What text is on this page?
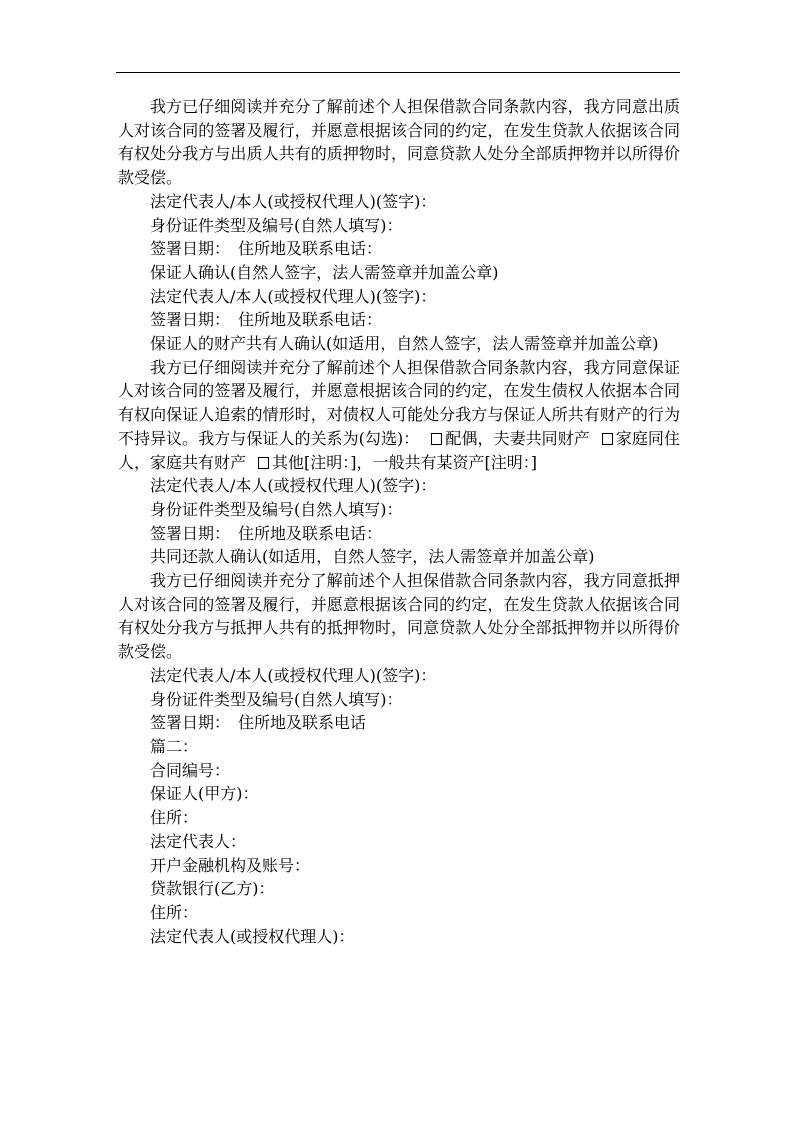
我方已仔细阅读并充分了解前述个人担保借款合同条款内容，我方同意出质人对该合同的签署及履行，并愿意根据该合同的约定，在发生贷款人依据该合同有权处分我方与出质人共有的质押物时，同意贷款人处分全部质押物并以所得价款受偿。

法定代表人/本人(或授权代理人)(签字)：

身份证件类型及编号(自然人填写)：

签署日期：　住所地及联系电话：

保证人确认(自然人签字，法人需签章并加盖公章)

法定代表人/本人(或授权代理人)(签字)：

签署日期：　住所地及联系电话：

保证人的财产共有人确认(如适用，自然人签字，法人需签章并加盖公章)

我方已仔细阅读并充分了解前述个人担保借款合同条款内容，我方同意保证人对该合同的签署及履行，并愿意根据该合同的约定，在发生债权人依据本合同有权向保证人追索的情形时，对债权人可能处分我方与保证人所共有财产的行为不持异议。我方与保证人的关系为(勾选)： 配偶，夫妻共同财产 家庭同住人，家庭共有财产 其他[注明：]，一般共有某资产[注明：]

法定代表人/本人(或授权代理人)(签字)：

身份证件类型及编号(自然人填写)：

签署日期：　住所地及联系电话：

共同还款人确认(如适用，自然人签字，法人需签章并加盖公章)

我方已仔细阅读并充分了解前述个人担保借款合同条款内容，我方同意抵押人对该合同的签署及履行，并愿意根据该合同的约定，在发生贷款人依据该合同有权处分我方与抵押人共有的抵押物时，同意贷款人处分全部抵押物并以所得价款受偿。

法定代表人/本人(或授权代理人)(签字)：

身份证件类型及编号(自然人填写)：

签署日期：　住所地及联系电话

篇二：

合同编号：

保证人(甲方)：

住所：

法定代表人：

开户金融机构及账号：

贷款银行(乙方)：

住所：

法定代表人(或授权代理人)：
